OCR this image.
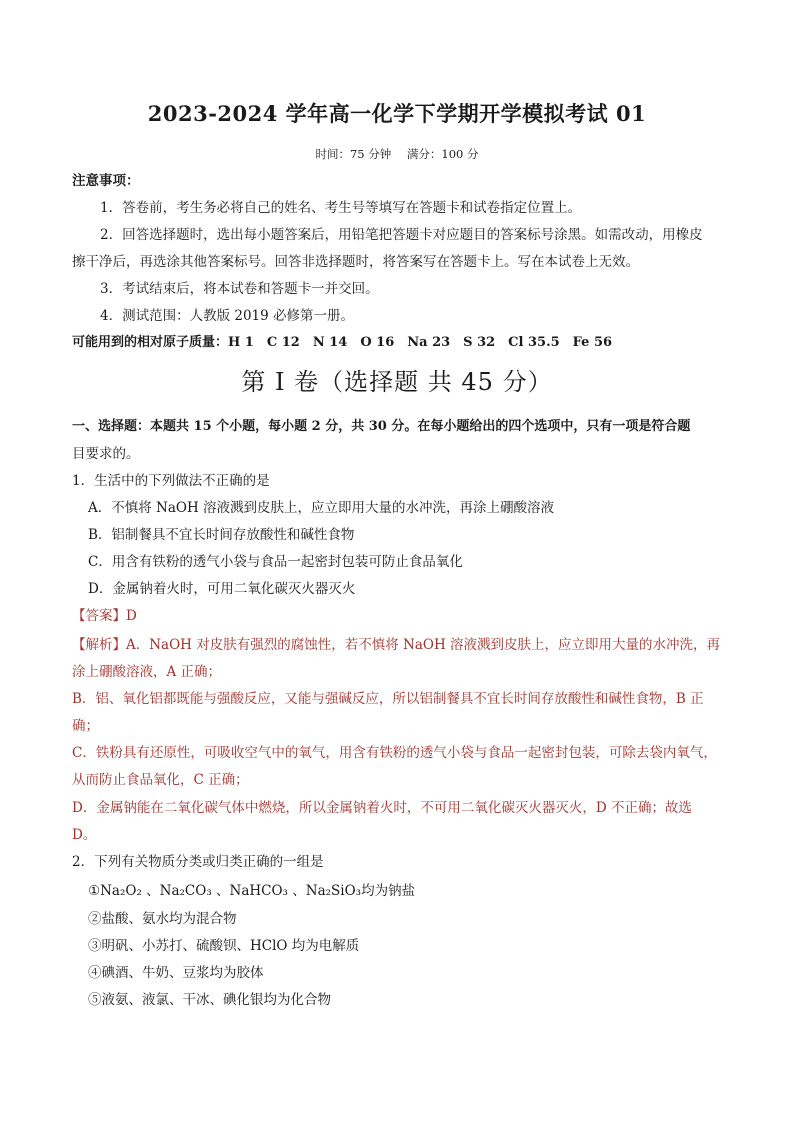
2023-2024 学年高一化学下学期开学模拟考试 01
时间：75 分钟 满分：100 分
注意事项：
1．答卷前，考生务必将自己的姓名、考生号等填写在答题卡和试卷指定位置上。
2．回答选择题时，选出每小题答案后，用铅笔把答题卡对应题目的答案标号涂黑。如需改动，用橡皮
擦干净后，再选涂其他答案标号。回答非选择题时，将答案写在答题卡上。写在本试卷上无效。
3．考试结束后，将本试卷和答题卡一并交回。
4．测试范围：人教版 2019 必修第一册。
可能用到的相对原子质量：H 1　C 12　N 14　O 16　Na 23　S 32　Cl 35.5　Fe 56
第 I 卷（选择题 共 45 分）
一、选择题：本题共 15 个小题，每小题 2 分，共 30 分。在每小题给出的四个选项中，只有一项是符合题
目要求的。
1．生活中的下列做法不正确的是
A．不慎将 NaOH 溶液溅到皮肤上，应立即用大量的水冲洗，再涂上硼酸溶液
B．铝制餐具不宜长时间存放酸性和碱性食物
C．用含有铁粉的透气小袋与食品一起密封包装可防止食品氧化
D．金属钠着火时，可用二氧化碳灭火器灭火
【答案】D
【解析】A．NaOH 对皮肤有强烈的腐蚀性，若不慎将 NaOH 溶液溅到皮肤上，应立即用大量的水冲洗，再
涂上硼酸溶液，A 正确；
B．铝、氧化铝都既能与强酸反应，又能与强碱反应，所以铝制餐具不宜长时间存放酸性和碱性食物，B 正
确；
C．铁粉具有还原性，可吸收空气中的氧气，用含有铁粉的透气小袋与食品一起密封包装，可除去袋内氧气，
从而防止食品氧化，C 正确；
D．金属钠能在二氧化碳气体中燃烧，所以金属钠着火时，不可用二氧化碳灭火器灭火，D 不正确；故选
D。
2．下列有关物质分类或归类正确的一组是
①Na₂O₂ 、Na₂CO₃ 、NaHCO₃ 、Na₂SiO₃均为钠盐
②盐酸、氨水均为混合物
③明矾、小苏打、硫酸钡、HClO 均为电解质
④碘酒、牛奶、豆浆均为胶体
⑤液氨、液氯、干冰、碘化银均为化合物
